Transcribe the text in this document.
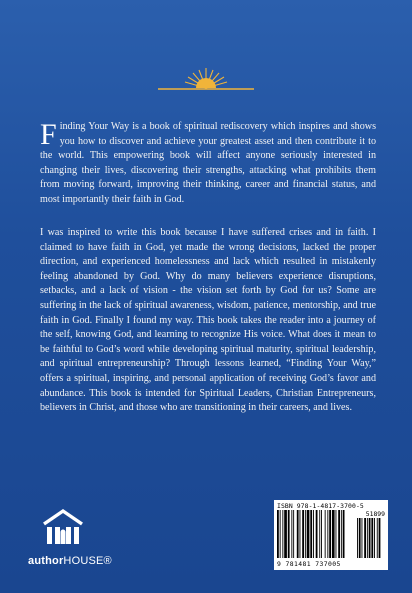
Finding Your Way is a book of spiritual rediscovery which inspires and shows you how to discover and achieve your greatest asset and then contribute it to the world. This empowering book will affect anyone seriously interested in changing their lives, discovering their strengths, attacking what prohibits them from moving forward, improving their thinking, career and financial status, and most importantly their faith in God.

I was inspired to write this book because I have suffered crises and in faith. I claimed to have faith in God, yet made the wrong decisions, lacked the proper direction, and experienced homelessness and lack which resulted in mistakenly feeling abandoned by God. Why do many believers experience disruptions, setbacks, and a lack of vision - the vision set forth by God for us? Some are suffering in the lack of spiritual awareness, wisdom, patience, mentorship, and true faith in God. Finally I found my way. This book takes the reader into a journey of the self, knowing God, and learning to recognize His voice. What does it mean to be faithful to God’s word while developing spiritual maturity, spiritual leadership, and spiritual entrepreneurship? Through lessons learned, “Finding Your Way,” offers a spiritual, inspiring, and personal application of receiving God’s favor and abundance. This book is intended for Spiritual Leaders, Christian Entrepreneurs, believers in Christ, and those who are transitioning in their careers, and lives.

authorHOUSE®
ISBN 978-1-4817-3700-5
51899
9 781481 737005
